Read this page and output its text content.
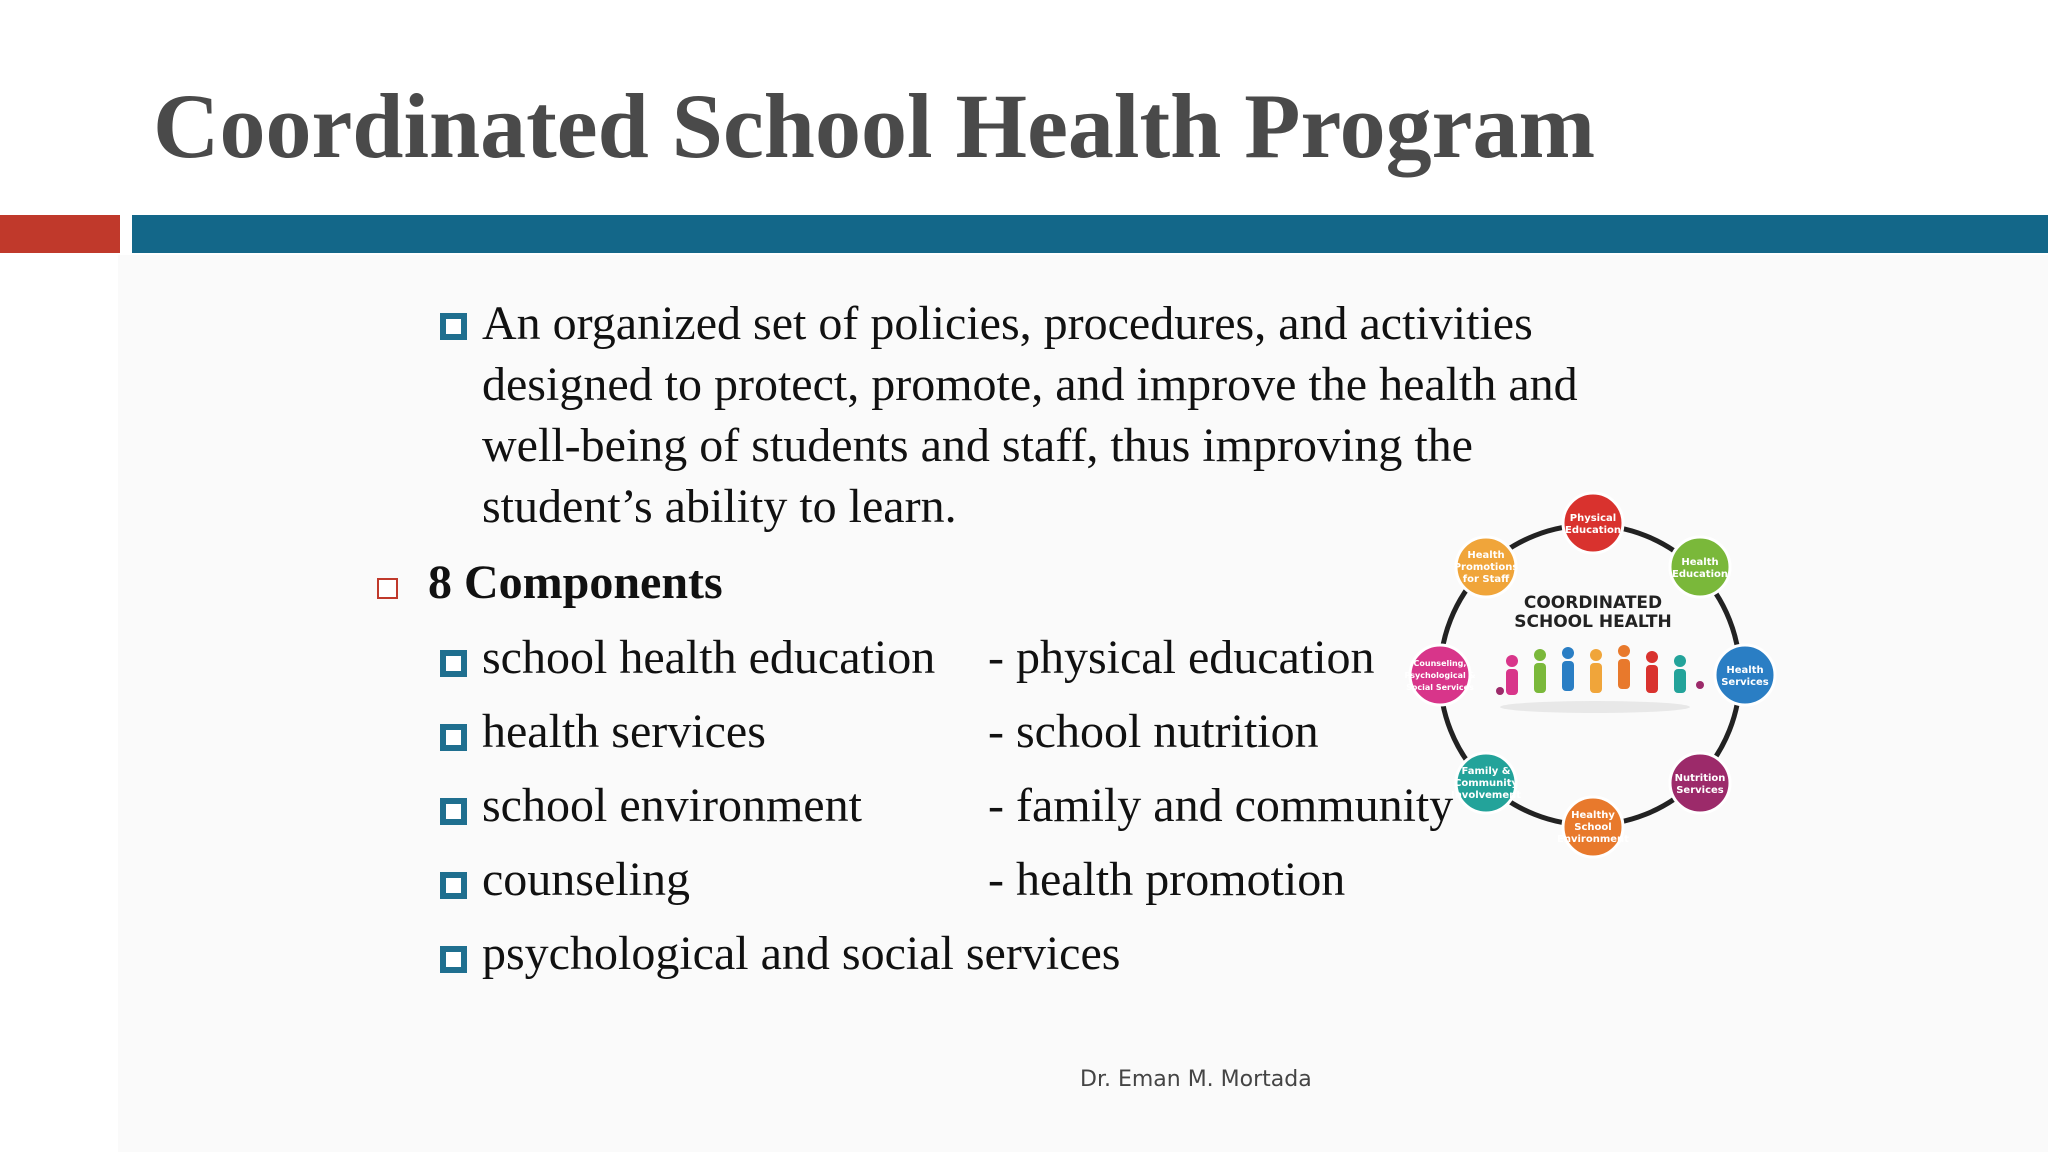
Coordinated School Health Program
An organized set of policies, procedures, and activities
designed to protect, promote, and improve the health and
well-being of students and staff, thus improving the
student’s ability to learn.
8 Components
school health education - physical education
health services	- school nutrition
school environment	- family and community
counseling	- health promotion
psychological and social services
COORDINATED
SCHOOL HEALTH
Physical
Education
Health
Education
Health
Services
Nutrition
Services
Healthy
School
Environment
Family &
Community
Involvement
Counseling,
Psychological &
Social Services
Health
Promotions
for Staff
Dr. Eman M. Mortada
